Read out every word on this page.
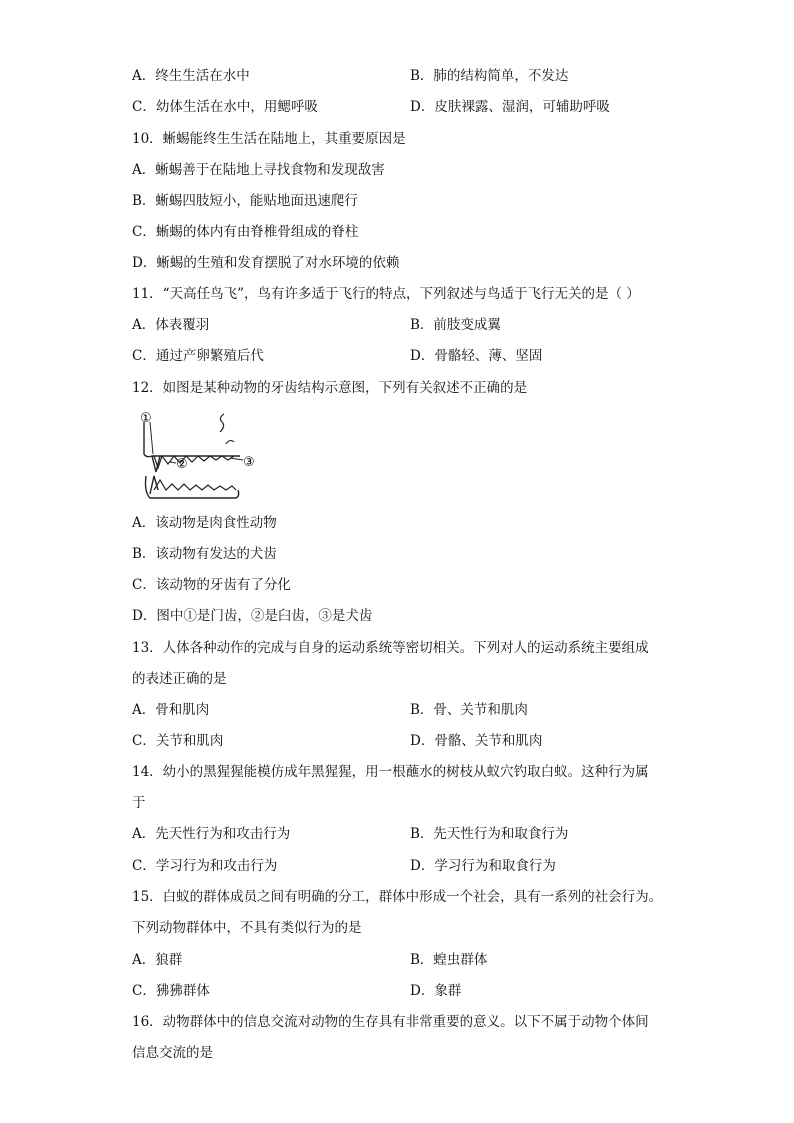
A．终生生活在水中	B．肺的结构简单，不发达
C．幼体生活在水中，用鳃呼吸	D．皮肤裸露、湿润，可辅助呼吸
10．蜥蜴能终生生活在陆地上，其重要原因是
A．蜥蜴善于在陆地上寻找食物和发现敌害
B．蜥蜴四肢短小，能贴地面迅速爬行
C．蜥蜴的体内有由脊椎骨组成的脊柱
D．蜥蜴的生殖和发育摆脱了对水环境的依赖
11．“天高任鸟飞”，鸟有许多适于飞行的特点，下列叙述与鸟适于飞行无关的是（ ）
A．体表覆羽	B．前肢变成翼
C．通过产卵繁殖后代	D．骨骼轻、薄、坚固
12．如图是某种动物的牙齿结构示意图，下列有关叙述不正确的是
①
②	③
A．该动物是肉食性动物
B．该动物有发达的犬齿
C．该动物的牙齿有了分化
D．图中①是门齿，②是臼齿，③是犬齿
13．人体各种动作的完成与自身的运动系统等密切相关。下列对人的运动系统主要组成
的表述正确的是
A．骨和肌肉	B．骨、关节和肌肉
C．关节和肌肉	D．骨骼、关节和肌肉
14．幼小的黑猩猩能模仿成年黑猩猩，用一根蘸水的树枝从蚁穴钓取白蚁。这种行为属
于
A．先天性行为和攻击行为	B．先天性行为和取食行为
C．学习行为和攻击行为	D．学习行为和取食行为
15．白蚁的群体成员之间有明确的分工，群体中形成一个社会，具有一系列的社会行为。
下列动物群体中，不具有类似行为的是
A．狼群	B．蝗虫群体
C．狒狒群体	D．象群
16．动物群体中的信息交流对动物的生存具有非常重要的意义。以下不属于动物个体间
信息交流的是
